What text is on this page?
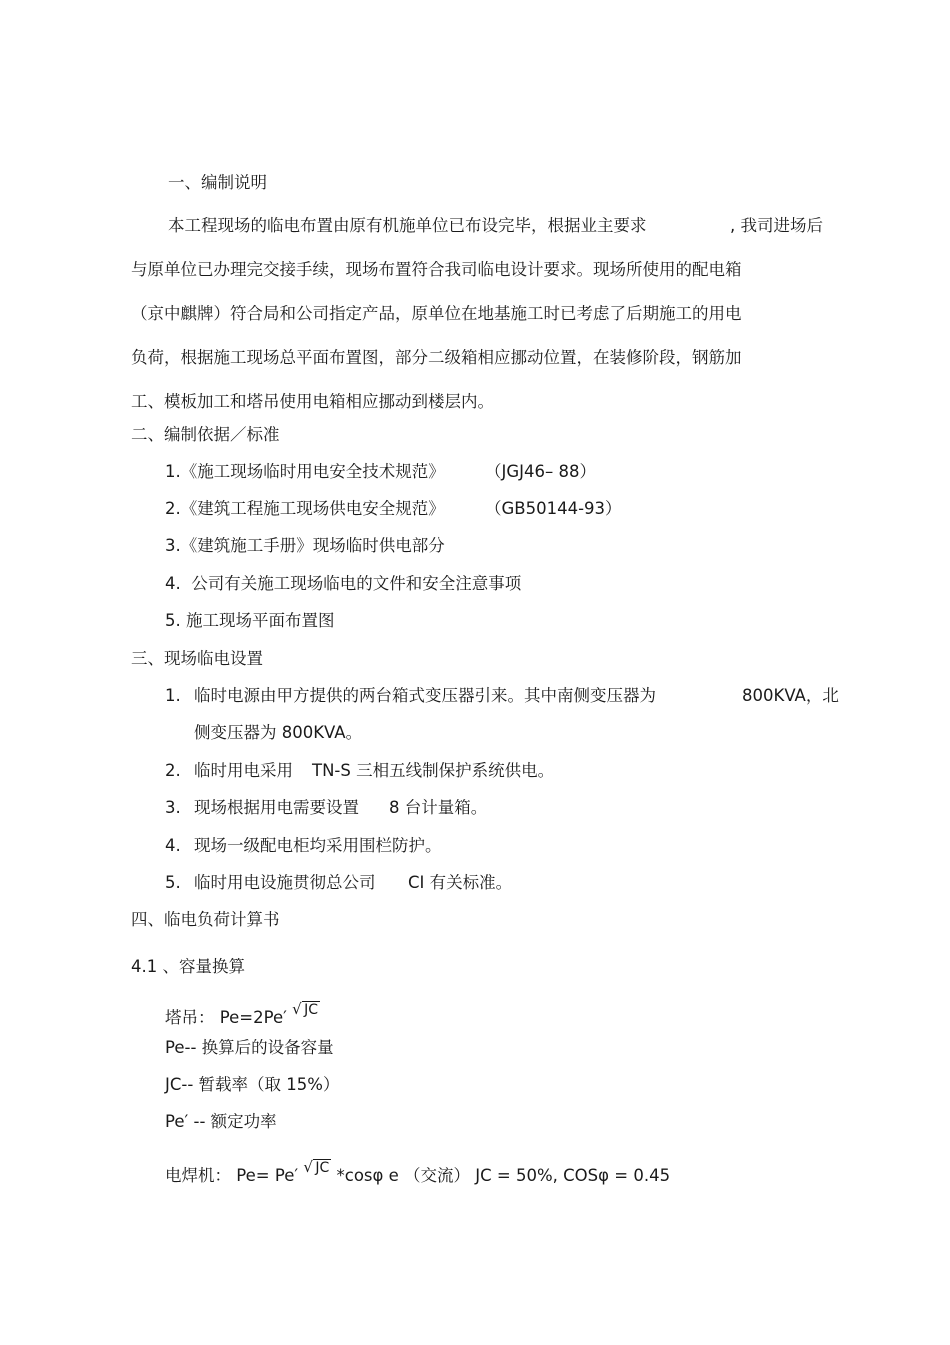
一、编制说明
本工程现场的临电布置由原有机施单位已布设完毕，根据业主要求	, 我司进场后
与原单位已办理完交接手续，现场布置符合我司临电设计要求。现场所使用的配电箱
（京中麒牌）符合局和公司指定产品，原单位在地基施工时已考虑了后期施工的用电
负荷，根据施工现场总平面布置图，部分二级箱相应挪动位置，在装修阶段，钢筋加
工、模板加工和塔吊使用电箱相应挪动到楼层内。
二、编制依据／标准
1.《施工现场临时用电安全技术规范》 （JGJ46– 88）
2.《建筑工程施工现场供电安全规范》 （GB50144-93）
3.《建筑施工手册》现场临时供电部分
4. 公司有关施工现场临电的文件和安全注意事项
5. 施工现场平面布置图
三、现场临电设置
1. 临时电源由甲方提供的两台箱式变压器引来。其中南侧变压器为	800KVA，北
侧变压器为 800KVA。
2. 临时用电采用 TN-S 三相五线制保护系统供电。
3. 现场根据用电需要设置 8 台计量箱。
4. 现场一级配电柜均采用围栏防护。
5. 临时用电设施贯彻总公司 CI 有关标准。
四、临电负荷计算书
4.1 、容量换算
塔吊： Pe=2Pe′ √ JC
Pe-- 换算后的设备容量
JC-- 暂载率（取 15%）
Pe′ -- 额定功率
电焊机： Pe= Pe′ √ JC *cosφ e （交流） JC = 50%, COSφ = 0.45
